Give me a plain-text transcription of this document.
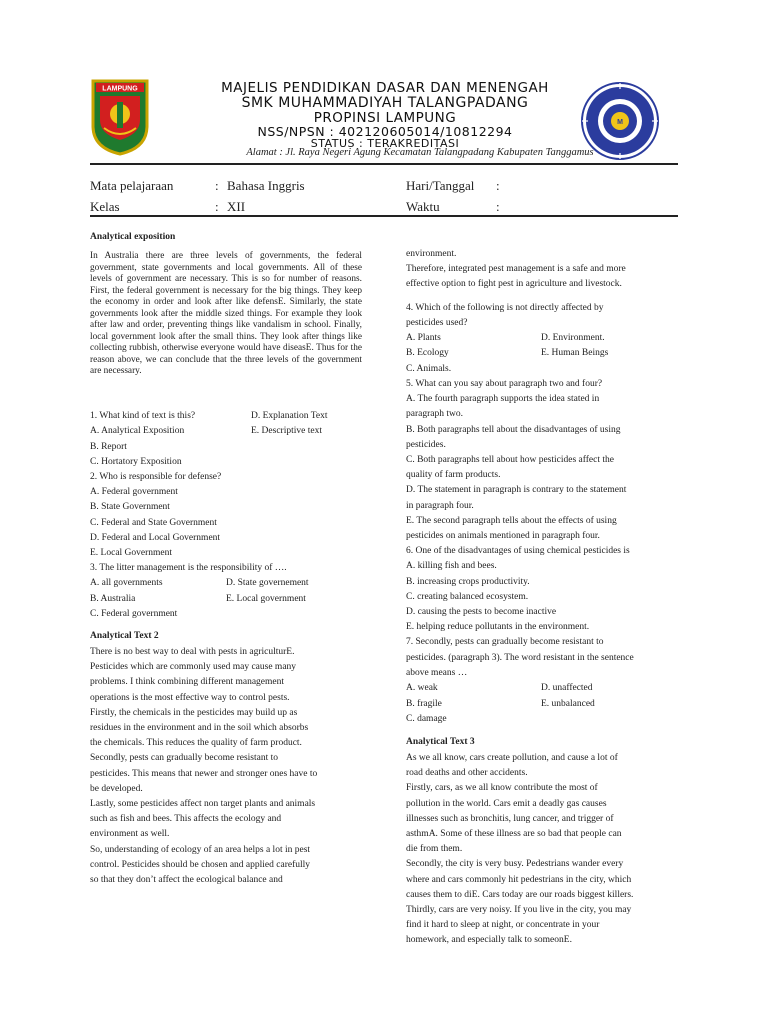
LAMPUNG
M
MAJELIS PENDIDIKAN DASAR DAN MENENGAH
SMK MUHAMMADIYAH TALANGPADANG
PROPINSI LAMPUNG
NSS/NPSN : 40212060501​4/10812294
STATUS : TERAKREDITASI
Alamat : Jl. Raya Negeri Agung Kecamatan Talangpadang Kabupaten Tanggamus
Mata pelajaraan	: Bahasa Inggris	Hari/Tanggal :
Kelas	: XII	Waktu	:
Analytical exposition
In Australia there are three levels of governments, the federal government, state governments and local governments. All of these levels of government are necessary. This is so for number of reasons. First, the federal government is necessary for the big things. They keep the economy in order and look after like defensE. Similarly, the state governments look after the middle sized things. For example they look after law and order, preventing things like vandalism in school. Finally, local government look after the small thins. They look after things like collecting rubbish, otherwise everyone would have diseasE. Thus for the reason above, we can conclude that the three levels of the government are necessary.
1. What kind of text is this?	D. Explanation Text
A. Analytical Exposition	E. Descriptive text
B. Report
C. Hortatory Exposition
2. Who is responsible for defense?
A. Federal government
B. State Government
C. Federal and State Government
D. Federal and Local Government
E. Local Government
3. The litter management is the responsibility of ….
A. all governments	D. State governement
B. Australia	E. Local government
C. Federal government
Analytical Text 2
There is no best way to deal with pests in agriculturE.
Pesticides which are commonly used may cause many
problems. I think combining different management
operations is the most effective way to control pests.
Firstly, the chemicals in the pesticides may build up as
residues in the environment and in the soil which absorbs
the chemicals. This reduces the quality of farm product.
Secondly, pests can gradually become resistant to
pesticides. This means that newer and stronger ones have to
be developed.
Lastly, some pesticides affect non target plants and animals
such as fish and bees. This affects the ecology and
environment as well.
So, understanding of ecology of an area helps a lot in pest
control. Pesticides should be chosen and applied carefully
so that they don’t affect the ecological balance and
environment.
Therefore, integrated pest management is a safe and more
effective option to fight pest in agriculture and livestock.
4. Which of the following is not directly affected by
pesticides used?
A. Plants	D. Environment.
B. Ecology	E. Human Beings
C. Animals.
5. What can you say about paragraph two and four?
A. The fourth paragraph supports the idea stated in
paragraph two.
B. Both paragraphs tell about the disadvantages of using
pesticides.
C. Both paragraphs tell about how pesticides affect the
quality of farm products.
D. The statement in paragraph is contrary to the statement
in paragraph four.
E. The second paragraph tells about the effects of using
pesticides on animals mentioned in paragraph four.
6. One of the disadvantages of using chemical pesticides is
A. killing fish and bees.
B. increasing crops productivity.
C. creating balanced ecosystem.
D. causing the pests to become inactive
E. helping reduce pollutants in the environment.
7. Secondly, pests can gradually become resistant to
pesticides. (paragraph 3). The word resistant in the sentence
above means …
A. weak	D. unaffected
B. fragile	E. unbalanced
C. damage
Analytical Text 3
As we all know, cars create pollution, and cause a lot of
road deaths and other accidents.
Firstly, cars, as we all know contribute the most of
pollution in the world. Cars emit a deadly gas causes
illnesses such as bronchitis, lung cancer, and trigger of
asthmA. Some of these illness are so bad that people can
die from them.
Secondly, the city is very busy. Pedestrians wander every
where and cars commonly hit pedestrians in the city, which
causes them to diE. Cars today are our roads biggest killers.
Thirdly, cars are very noisy. If you live in the city, you may
find it hard to sleep at night, or concentrate in your
homework, and especially talk to someonE.
